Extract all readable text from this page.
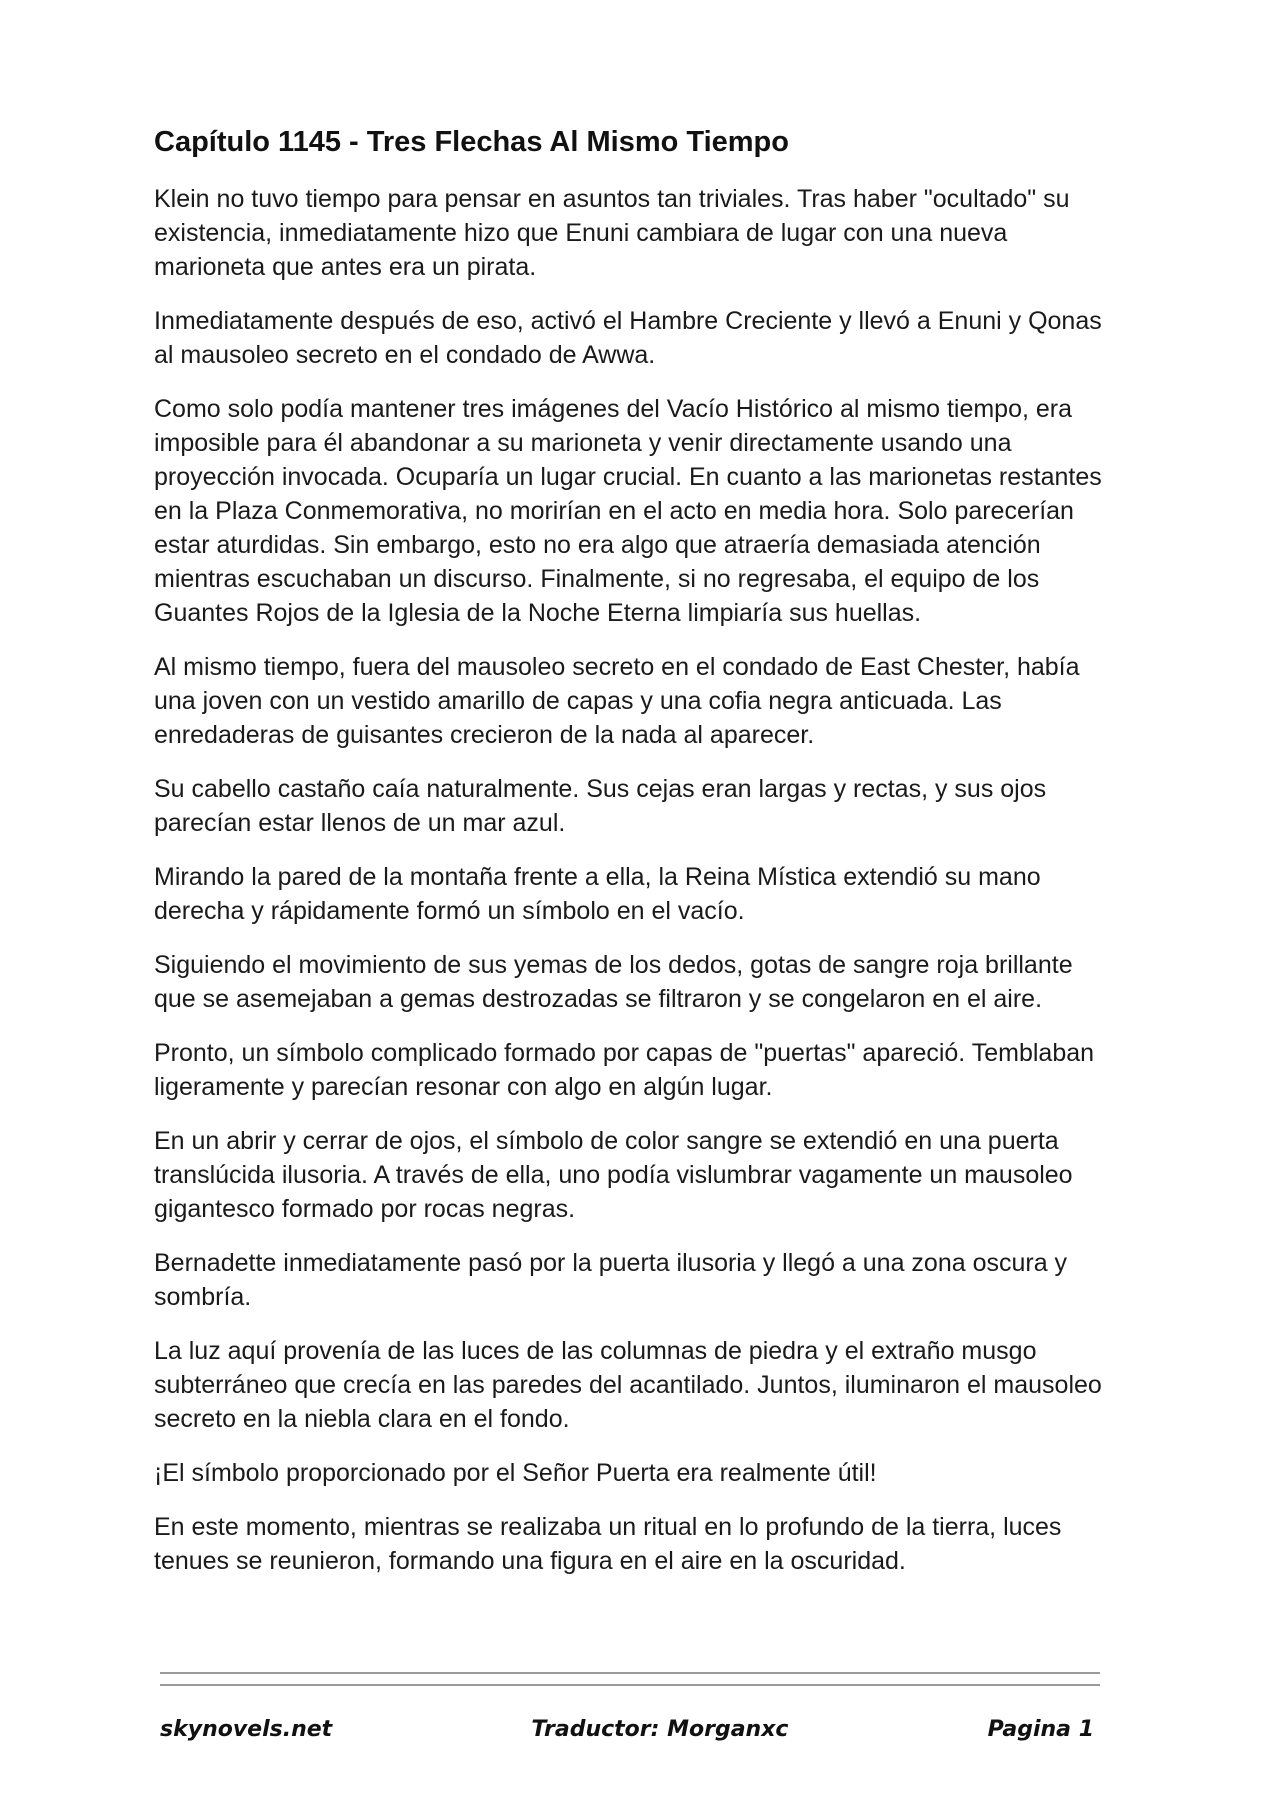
Capítulo 1145 - Tres Flechas Al Mismo Tiempo

Klein no tuvo tiempo para pensar en asuntos tan triviales. Tras haber "ocultado" su existencia, inmediatamente hizo que Enuni cambiara de lugar con una nueva marioneta que antes era un pirata.

Inmediatamente después de eso, activó el Hambre Creciente y llevó a Enuni y Qonas al mausoleo secreto en el condado de Awwa.

Como solo podía mantener tres imágenes del Vacío Histórico al mismo tiempo, era imposible para él abandonar a su marioneta y venir directamente usando una proyección invocada. Ocuparía un lugar crucial. En cuanto a las marionetas restantes en la Plaza Conmemorativa, no morirían en el acto en media hora. Solo parecerían estar aturdidas. Sin embargo, esto no era algo que atraería demasiada atención mientras escuchaban un discurso. Finalmente, si no regresaba, el equipo de los Guantes Rojos de la Iglesia de la Noche Eterna limpiaría sus huellas.

Al mismo tiempo, fuera del mausoleo secreto en el condado de East Chester, había una joven con un vestido amarillo de capas y una cofia negra anticuada. Las enredaderas de guisantes crecieron de la nada al aparecer.

Su cabello castaño caía naturalmente. Sus cejas eran largas y rectas, y sus ojos parecían estar llenos de un mar azul.

Mirando la pared de la montaña frente a ella, la Reina Mística extendió su mano derecha y rápidamente formó un símbolo en el vacío.

Siguiendo el movimiento de sus yemas de los dedos, gotas de sangre roja brillante que se asemejaban a gemas destrozadas se filtraron y se congelaron en el aire.

Pronto, un símbolo complicado formado por capas de "puertas" apareció. Temblaban ligeramente y parecían resonar con algo en algún lugar.

En un abrir y cerrar de ojos, el símbolo de color sangre se extendió en una puerta translúcida ilusoria. A través de ella, uno podía vislumbrar vagamente un mausoleo gigantesco formado por rocas negras.

Bernadette inmediatamente pasó por la puerta ilusoria y llegó a una zona oscura y sombría.

La luz aquí provenía de las luces de las columnas de piedra y el extraño musgo subterráneo que crecía en las paredes del acantilado. Juntos, iluminaron el mausoleo secreto en la niebla clara en el fondo.

¡El símbolo proporcionado por el Señor Puerta era realmente útil!

En este momento, mientras se realizaba un ritual en lo profundo de la tierra, luces tenues se reunieron, formando una figura en el aire en la oscuridad.

skynovels.net	Traductor: Morganxc	Pagina 1
